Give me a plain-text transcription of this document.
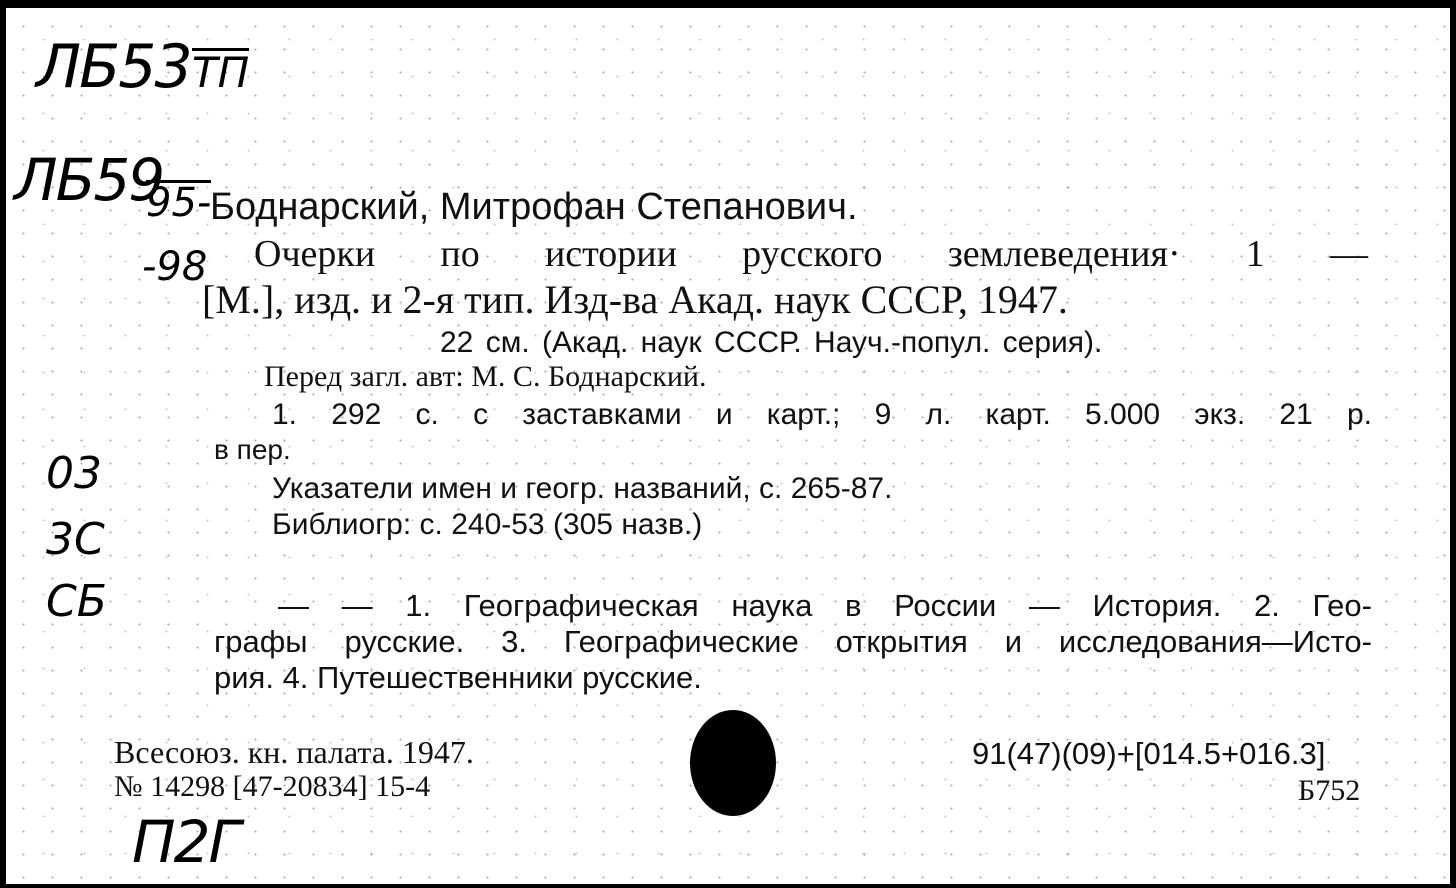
ЛБ53 ТП
ЛБ59
95-
-98
03
3С
СБ
П2Г
Боднарский, Митрофан Степанович.
Очерки по истории русского землеведения· 1 —
[М.], изд. и 2-я тип. Изд-ва Акад. наук СССР, 1947.
22 см. (Акад. наук СССР. Науч.-попул. серия).
Перед загл. авт: М. С. Боднарский.
1. 292 с. с заставками и карт.; 9 л. карт. 5.000 экз. 21 р.
в пер.
Указатели имен и геогр. названий, с. 265-87.
Библиогр: с. 240-53 (305 назв.)
— — 1. Географическая наука в России — История. 2. Гео-
графы русские. 3. Географические открытия и исследования—Исто-
рия. 4. Путешественники русские.
Всесоюз. кн. палата. 1947.
№ 14298 [47-20834] 15-4
91(47)(09)+[014.5+016.3]
Б752
